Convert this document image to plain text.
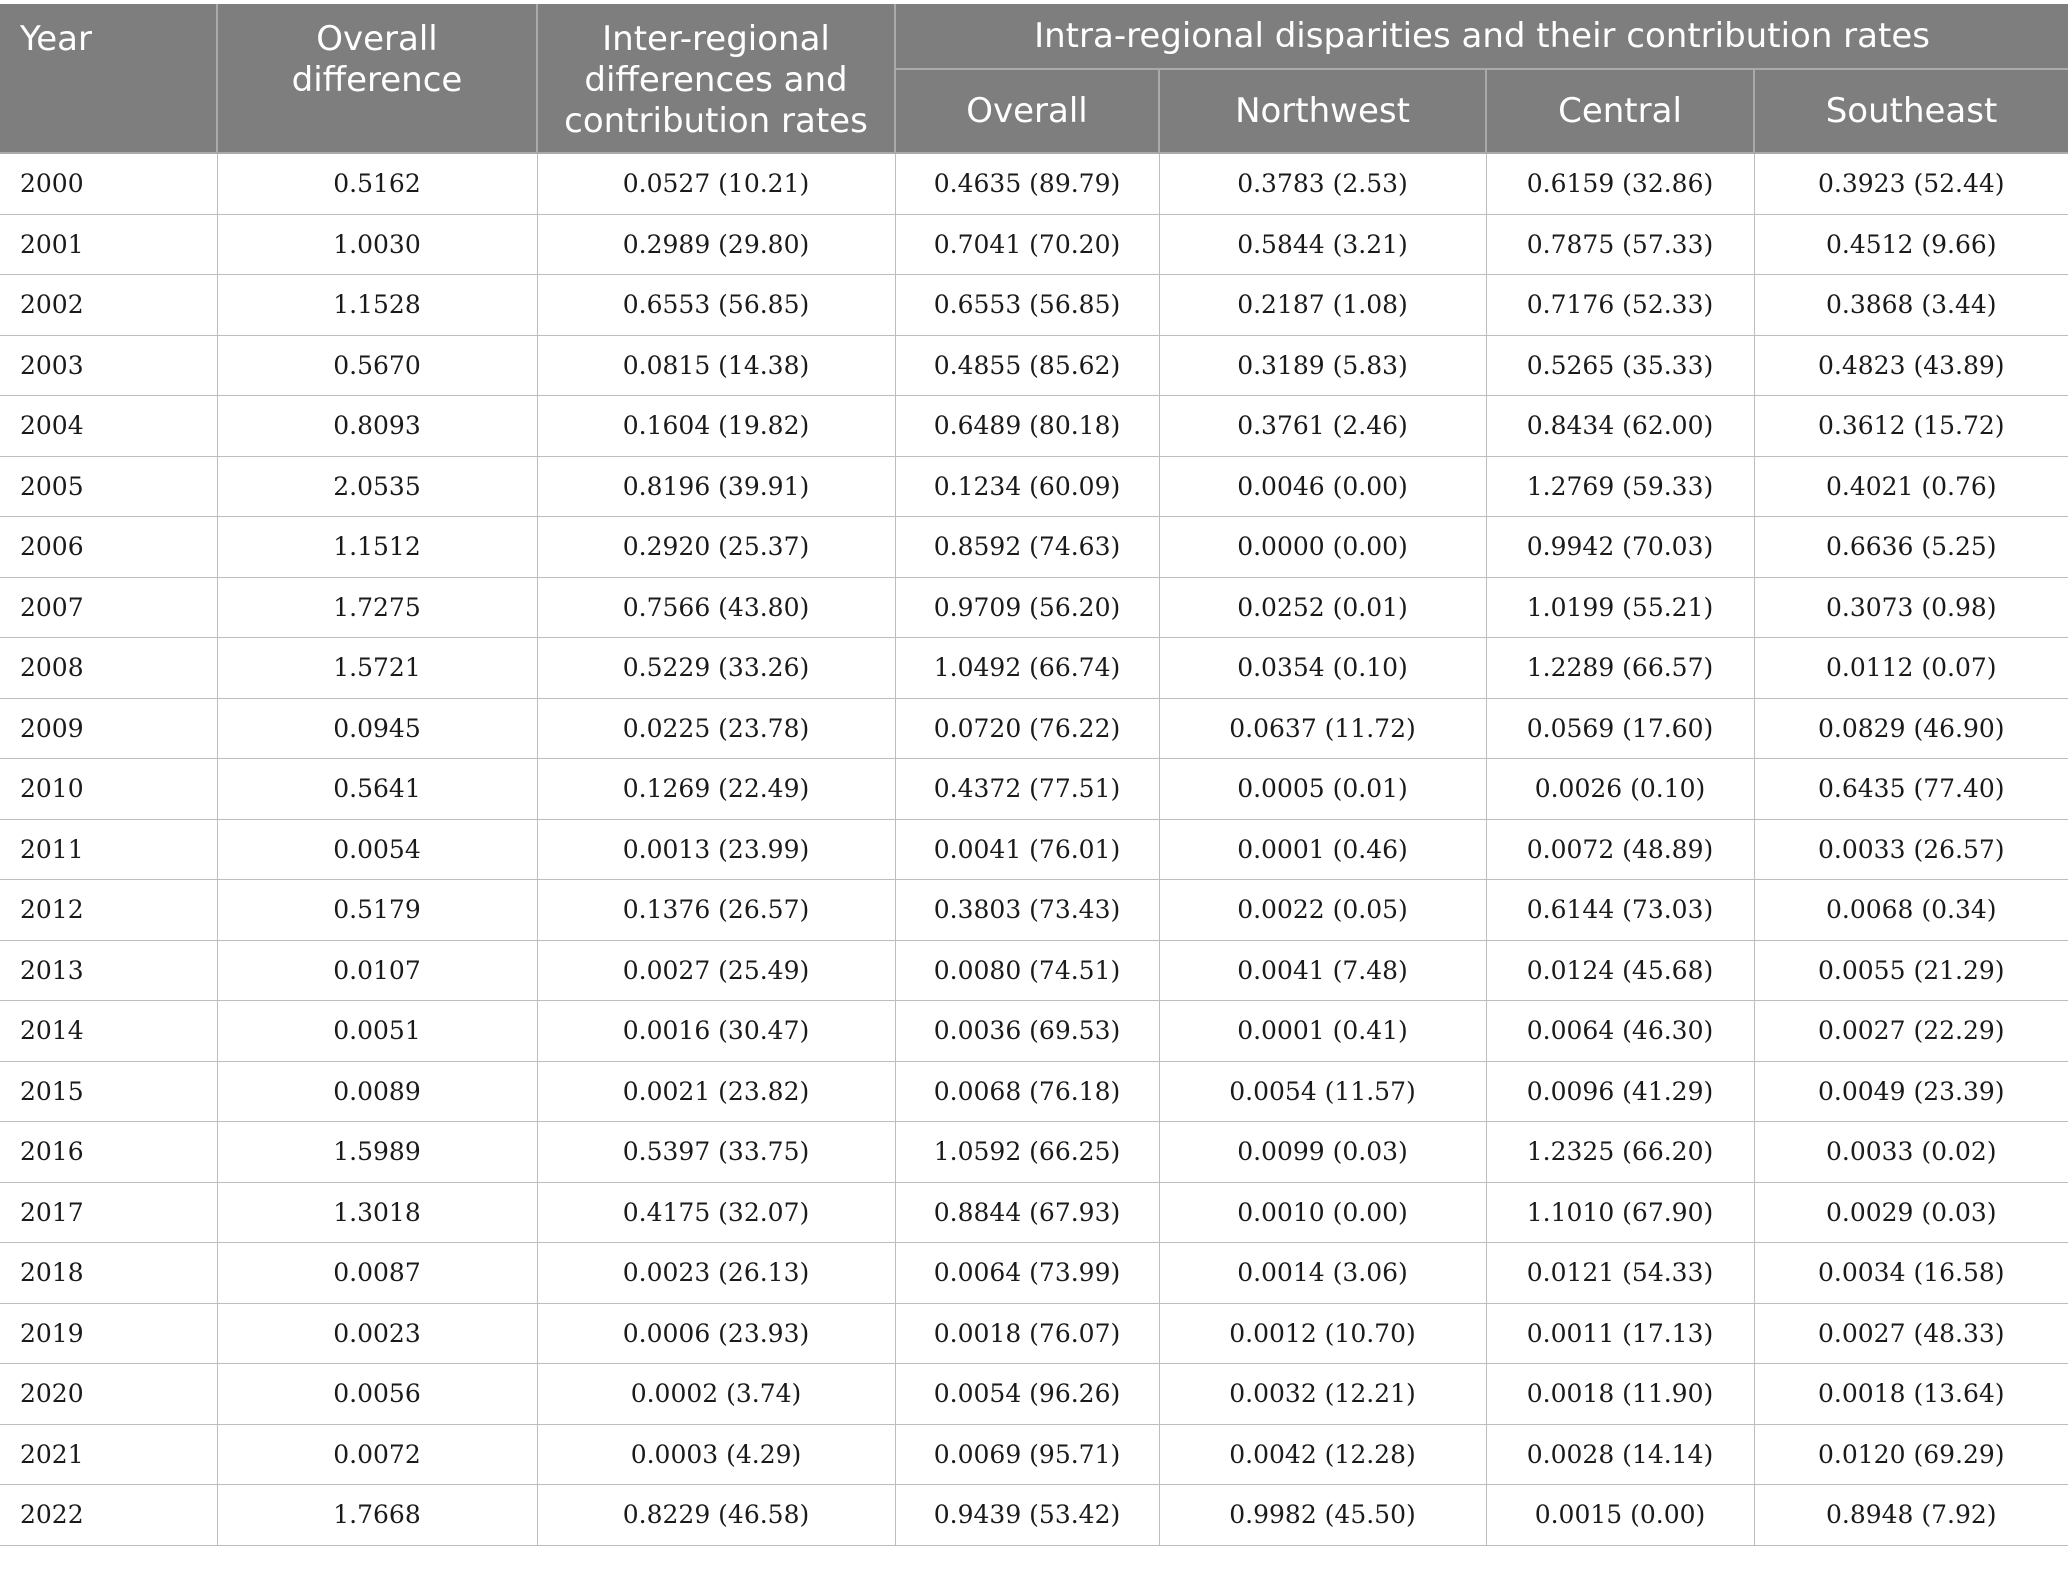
Year	Overall difference	Inter-regional differences and contribution rates	Intra-regional disparities and their contribution rates			
			Overall	Northwest	Central	Southeast
2000	0.5162	0.0527 (10.21)	0.4635 (89.79)	0.3783 (2.53)	0.6159 (32.86)	0.3923 (52.44)
2001	1.0030	0.2989 (29.80)	0.7041 (70.20)	0.5844 (3.21)	0.7875 (57.33)	0.4512 (9.66)
2002	1.1528	0.6553 (56.85)	0.6553 (56.85)	0.2187 (1.08)	0.7176 (52.33)	0.3868 (3.44)
2003	0.5670	0.0815 (14.38)	0.4855 (85.62)	0.3189 (5.83)	0.5265 (35.33)	0.4823 (43.89)
2004	0.8093	0.1604 (19.82)	0.6489 (80.18)	0.3761 (2.46)	0.8434 (62.00)	0.3612 (15.72)
2005	2.0535	0.8196 (39.91)	0.1234 (60.09)	0.0046 (0.00)	1.2769 (59.33)	0.4021 (0.76)
2006	1.1512	0.2920 (25.37)	0.8592 (74.63)	0.0000 (0.00)	0.9942 (70.03)	0.6636 (5.25)
2007	1.7275	0.7566 (43.80)	0.9709 (56.20)	0.0252 (0.01)	1.0199 (55.21)	0.3073 (0.98)
2008	1.5721	0.5229 (33.26)	1.0492 (66.74)	0.0354 (0.10)	1.2289 (66.57)	0.0112 (0.07)
2009	0.0945	0.0225 (23.78)	0.0720 (76.22)	0.0637 (11.72)	0.0569 (17.60)	0.0829 (46.90)
2010	0.5641	0.1269 (22.49)	0.4372 (77.51)	0.0005 (0.01)	0.0026 (0.10)	0.6435 (77.40)
2011	0.0054	0.0013 (23.99)	0.0041 (76.01)	0.0001 (0.46)	0.0072 (48.89)	0.0033 (26.57)
2012	0.5179	0.1376 (26.57)	0.3803 (73.43)	0.0022 (0.05)	0.6144 (73.03)	0.0068 (0.34)
2013	0.0107	0.0027 (25.49)	0.0080 (74.51)	0.0041 (7.48)	0.0124 (45.68)	0.0055 (21.29)
2014	0.0051	0.0016 (30.47)	0.0036 (69.53)	0.0001 (0.41)	0.0064 (46.30)	0.0027 (22.29)
2015	0.0089	0.0021 (23.82)	0.0068 (76.18)	0.0054 (11.57)	0.0096 (41.29)	0.0049 (23.39)
2016	1.5989	0.5397 (33.75)	1.0592 (66.25)	0.0099 (0.03)	1.2325 (66.20)	0.0033 (0.02)
2017	1.3018	0.4175 (32.07)	0.8844 (67.93)	0.0010 (0.00)	1.1010 (67.90)	0.0029 (0.03)
2018	0.0087	0.0023 (26.13)	0.0064 (73.99)	0.0014 (3.06)	0.0121 (54.33)	0.0034 (16.58)
2019	0.0023	0.0006 (23.93)	0.0018 (76.07)	0.0012 (10.70)	0.0011 (17.13)	0.0027 (48.33)
2020	0.0056	0.0002 (3.74)	0.0054 (96.26)	0.0032 (12.21)	0.0018 (11.90)	0.0018 (13.64)
2021	0.0072	0.0003 (4.29)	0.0069 (95.71)	0.0042 (12.28)	0.0028 (14.14)	0.0120 (69.29)
2022	1.7668	0.8229 (46.58)	0.9439 (53.42)	0.9982 (45.50)	0.0015 (0.00)	0.8948 (7.92)
